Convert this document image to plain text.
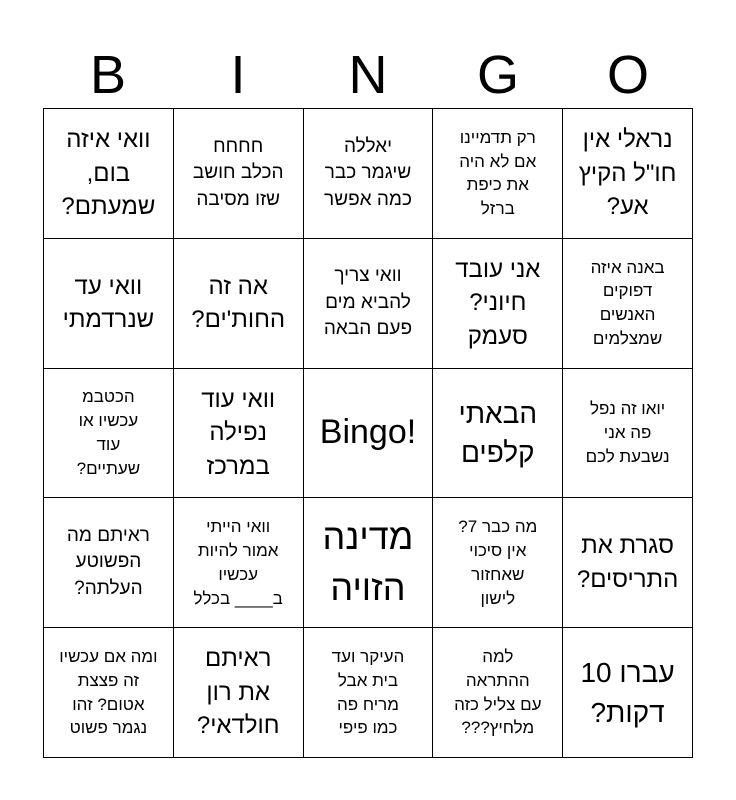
B	I	N	G	O
וואי איזה בום,
שמעתם?
חחחח
הכלב חושב
שזו מסיבה
יאללה
שיגמר כבר
כמה אפשר
רק תדמיינו
אם לא היה
את כיפת
ברזל
נראלי אין
חו"ל הקיץ
אע?
וואי עד
שנרדמתי
אה זה
החות'ים?
וואי צריך
להביא מים
פעם הבאה
אני עובד
חיוני?
סעמק
באנה איזה
דפוקים
האנשים
שמצלמים
הכטבמ
עכשיו או
עוד
שעתיים?
וואי עוד
נפילה
במרכז
Bingo! הבאתי
קלפים
יואו זה נפל
פה אני
נשבעת לכם
ראיתם מה
הפשוטע
העלתה?
וואי הייתי
אמור להיות
עכשיו
ב____ בכלל
מדינה
הזויה
מה כבר 7?
אין סיכוי
שאחזור
לישון
סגרת את
התריסים?
ומה אם עכשיו
זה פצצת
אטום? זהו
נגמר פשוט
ראיתם
את רון
חולדאי?
העיקר ועד
בית אבל
מריח פה
כמו פיפי
למה
ההתראה
עם צליל כזה
מלחיץ???
עברו 10
דקות?
